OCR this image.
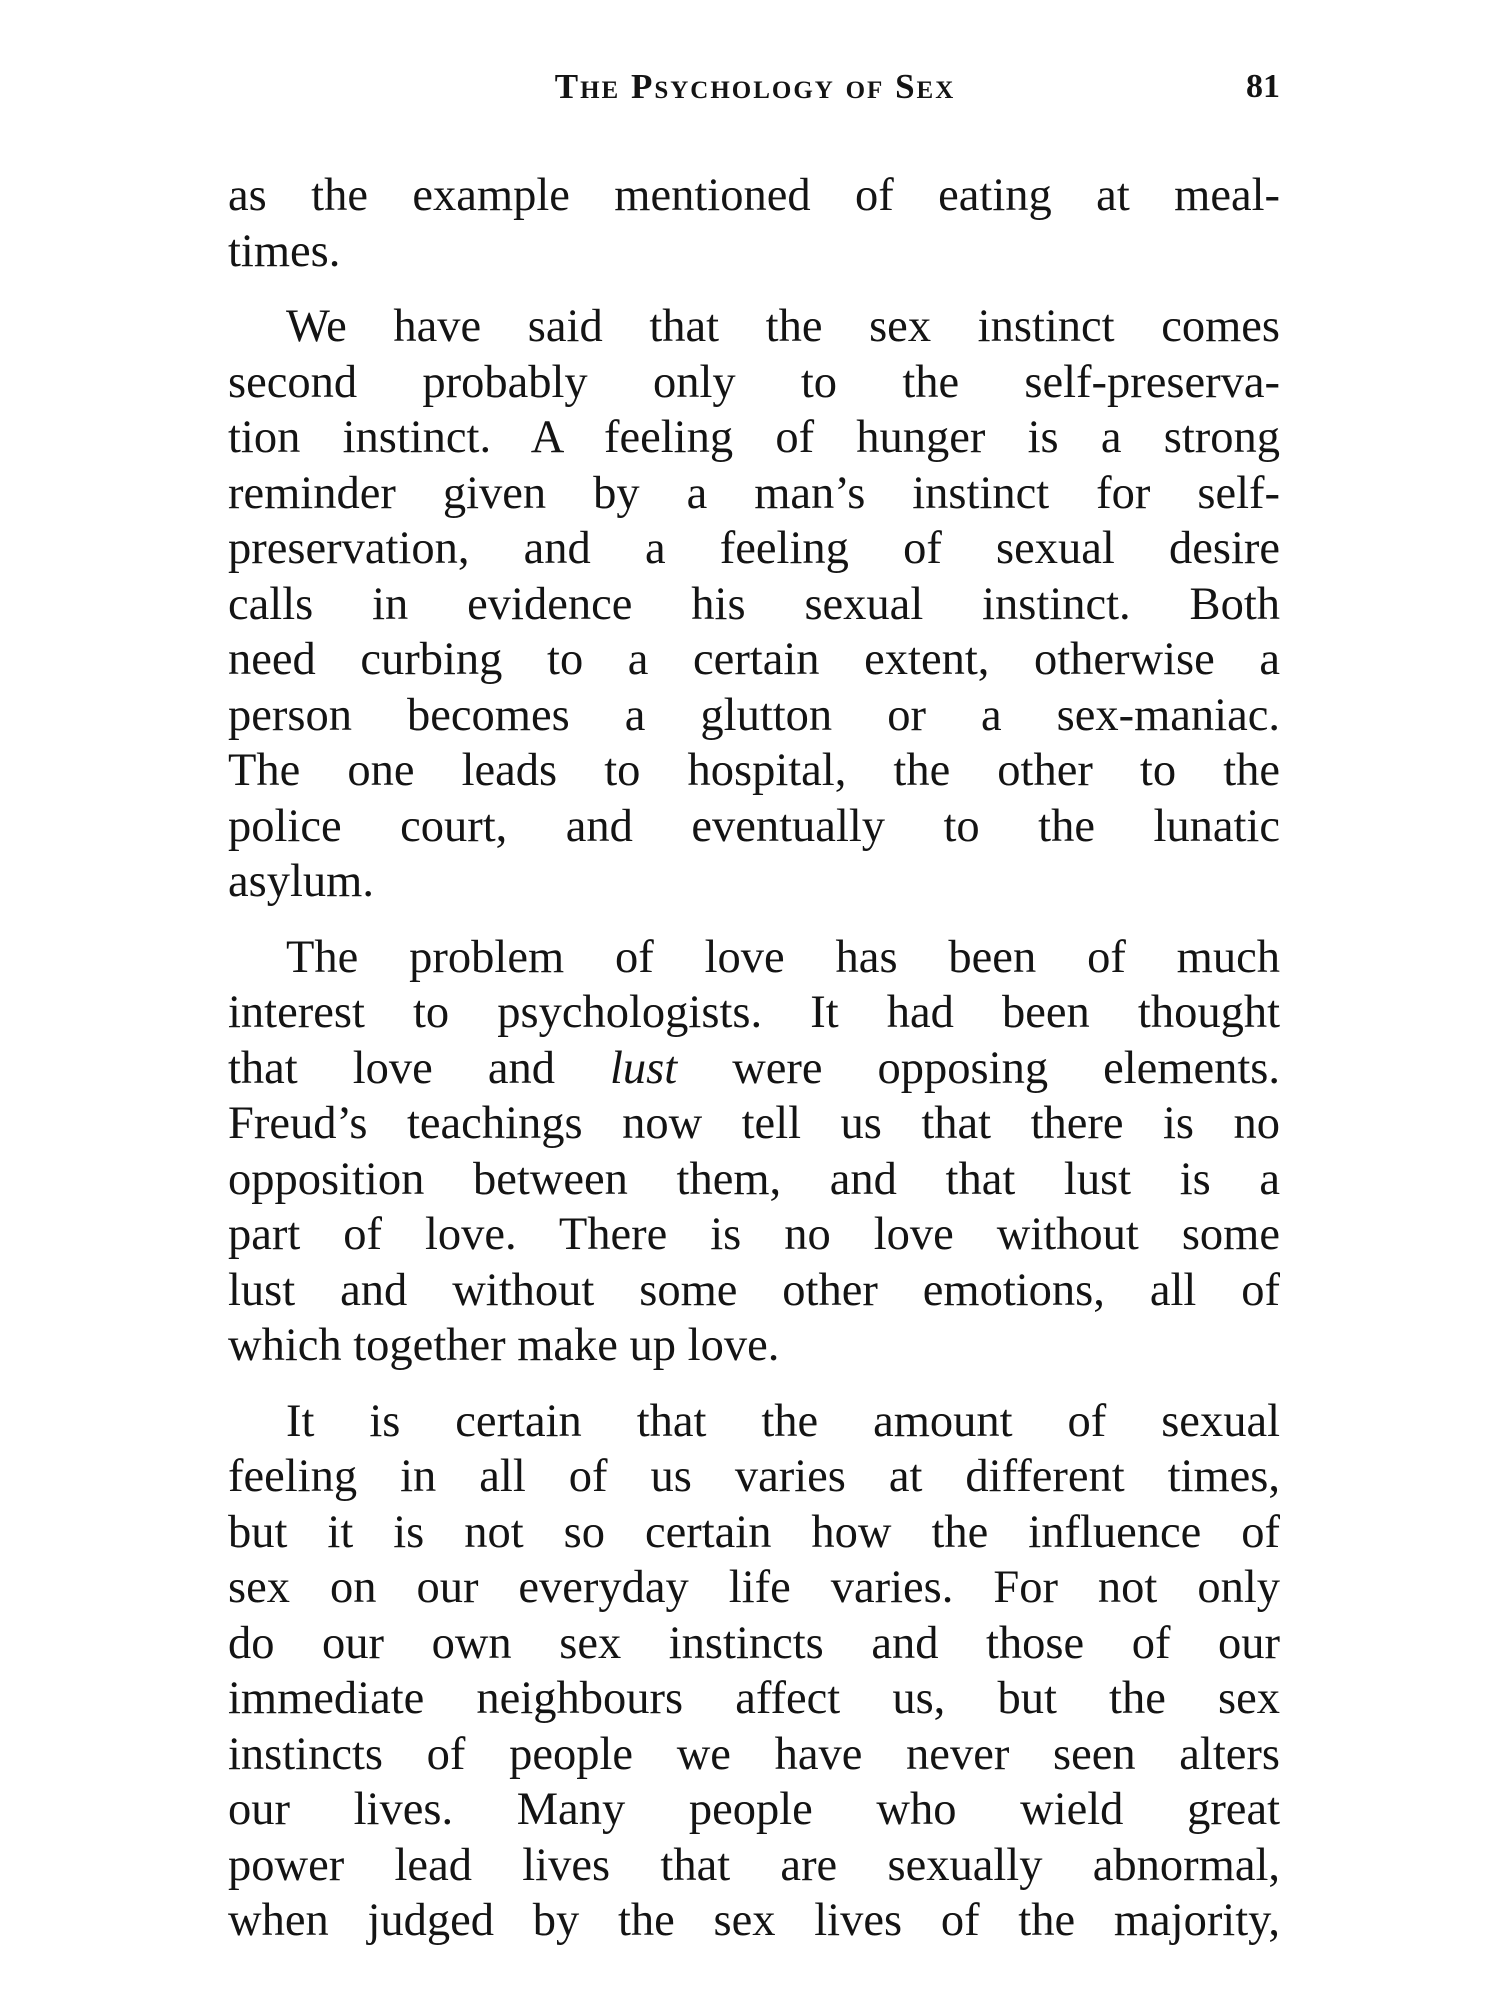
The Psychology of Sex	81
as the example mentioned of eating at meal-
times.
We have said that the sex instinct comes
second probably only to the self-preserva-
tion instinct. A feeling of hunger is a strong
reminder given by a man’s instinct for self-
preservation, and a feeling of sexual desire
calls in evidence his sexual instinct. Both
need curbing to a certain extent, otherwise a
person becomes a glutton or a sex-maniac.
The one leads to hospital, the other to the
police court, and eventually to the lunatic
asylum.
The problem of love has been of much
interest to psychologists. It had been thought
that love and lust were opposing elements.
Freud’s teachings now tell us that there is no
opposition between them, and that lust is a
part of love. There is no love without some
lust and without some other emotions, all of
which together make up love.
It is certain that the amount of sexual
feeling in all of us varies at different times,
but it is not so certain how the influence of
sex on our everyday life varies. For not only
do our own sex instincts and those of our
immediate neighbours affect us, but the sex
instincts of people we have never seen alters
our lives. Many people who wield great
power lead lives that are sexually abnormal,
when judged by the sex lives of the majority,
